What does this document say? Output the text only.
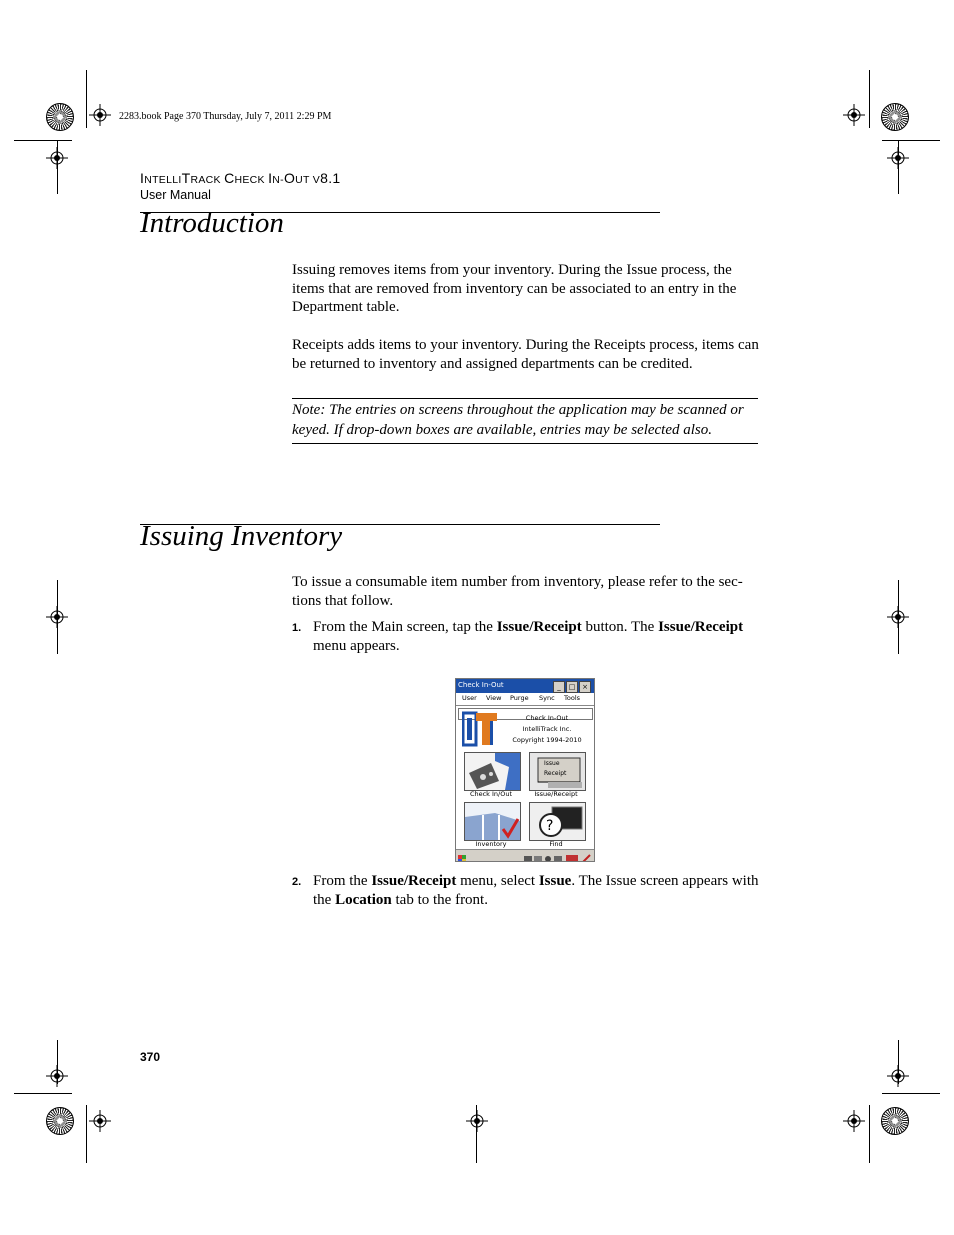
2283.book Page 370 Thursday, July 7, 2011 2:29 PM
INTELLITRACK CHECK IN-OUT V8.1
User Manual
Introduction
Issuing removes items from your inventory. During the Issue process, the items that are removed from inventory can be associated to an entry in the Department table.
Receipts adds items to your inventory. During the Receipts process, items can be returned to inventory and assigned departments can be credited.
Note: The entries on screens throughout the application may be scanned or keyed. If drop-down boxes are available, entries may be selected also.
Issuing Inventory
To issue a consumable item number from inventory, please refer to the sec-tions that follow.
1. From the Main screen, tap the Issue/Receipt button. The Issue/Receipt menu appears.
Check In-Out	_	□ ×
User View Purge Sync Tools
Check In-Out
IntelliTrack Inc.
Copyright 1994-2010
Check In/Out
Issue
Receipt
Issue/Receipt
Inventory
?
Find
2. From the Issue/Receipt menu, select Issue. The Issue screen appears with the Location tab to the front.
370
